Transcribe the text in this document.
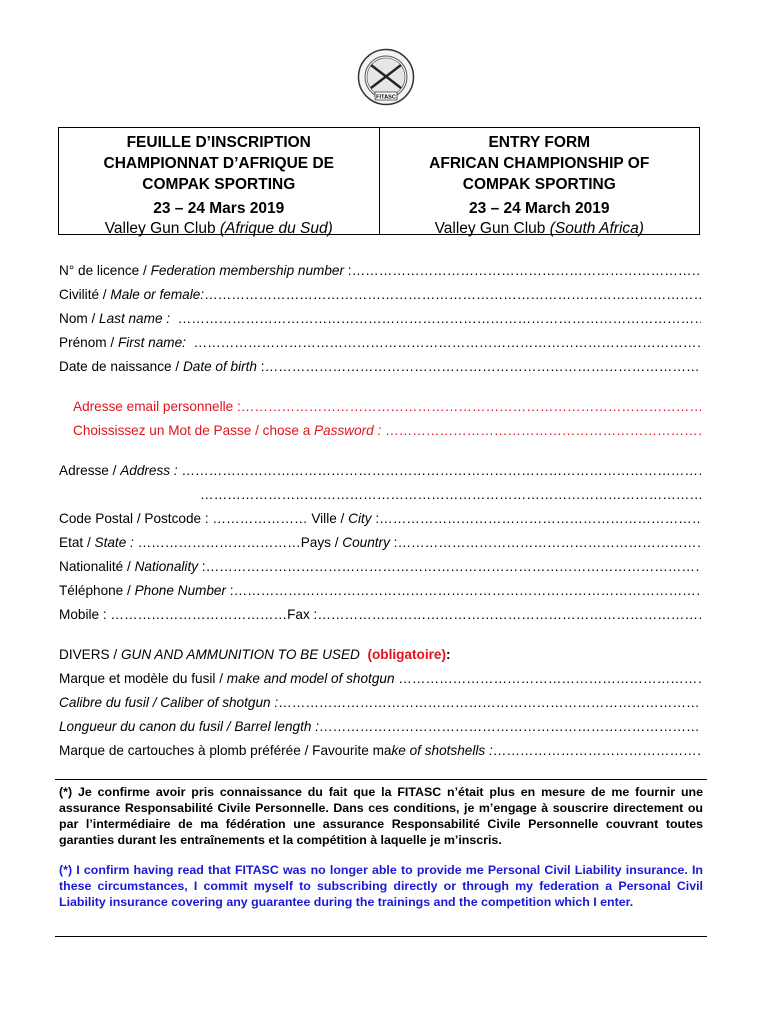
FITASC
FEUILLE D’INSCRIPTION
CHAMPIONNAT D’AFRIQUE DE
COMPAK SPORTING
23 – 24 Mars 2019
Valley Gun Club (Afrique du Sud)
ENTRY FORM
AFRICAN CHAMPIONSHIP OF
COMPAK SPORTING
23 – 24 March 2019
Valley Gun Club (South Africa)
N° de licence / Federation membership number :
……………………………………………………………………………………………………………………………………………………………………………………………………
Civilité / Male or female:
……………………………………………………………………………………………………………………………………………………………………………………………………
Nom / Last name :
……………………………………………………………………………………………………………………………………………………………………………………………………
Prénom / First name:
……………………………………………………………………………………………………………………………………………………………………………………………………
Date de naissance / Date of birth :
……………………………………………………………………………………………………………………………………………………………………………………………………
Adresse email personnelle :
……………………………………………………………………………………………………………………………………………………………………………………………………
Choississez un Mot de Passe / chose a Password :
……………………………………………………………………………………………………………………………………………………………………………………………………
Adresse / Address :
……………………………………………………………………………………………………………………………………………………………………………………………………
……………………………………………………………………………………………………………………………………………………………………………………………………
Code Postal / Postcode : ………………… Ville / City :
……………………………………………………………………………………………………………………………………………………………………………………………………
Etat / State : ………………………………Pays / Country :
……………………………………………………………………………………………………………………………………………………………………………………………………
Nationalité / Nationality :
……………………………………………………………………………………………………………………………………………………………………………………………………
Téléphone / Phone Number :
……………………………………………………………………………………………………………………………………………………………………………………………………
Mobile : …………………………………Fax :
……………………………………………………………………………………………………………………………………………………………………………………………………
DIVERS / GUN AND AMMUNITION TO BE USED (obligatoire):
Marque et modèle du fusil / make and model of shotgun
……………………………………………………………………………………………………………………………………………………………………………………………………
Calibre du fusil / Caliber of shotgun :
……………………………………………………………………………………………………………………………………………………………………………………………………
Longueur du canon du fusil / Barrel length :
……………………………………………………………………………………………………………………………………………………………………………………………………
Marque de cartouches à plomb préférée / Favourite make of shotshells :
……………………………………………………………………………………………………………………………………………………………………………………………………

(*) Je confirme avoir pris connaissance du fait que la FITASC n’était plus en mesure de me fournir une assurance Responsabilité Civile Personnelle. Dans ces conditions, je m’engage à souscrire directement ou par l’intermédiaire de ma fédération une assurance Responsabilité Civile Personnelle couvrant toutes garanties durant les entraînements et la compétition à laquelle je m’inscris.

(*) I confirm having read that FITASC was no longer able to provide me Personal Civil Liability insurance. In these circumstances, I commit myself to subscribing directly or through my federation a Personal Civil Liability insurance covering any guarantee during the trainings and the competition which I enter.
